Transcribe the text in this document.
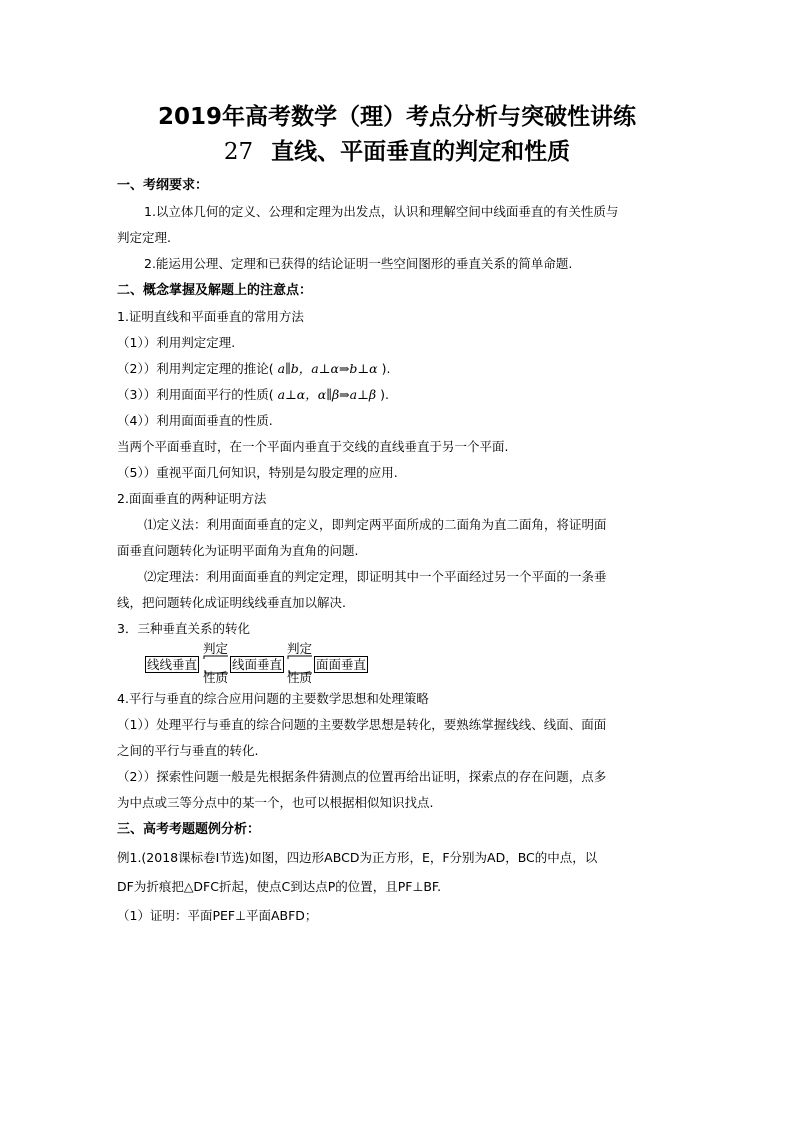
2019年高考数学（理）考点分析与突破性讲练
27 直线、平面垂直的判定和性质

一、考纲要求：

1.以立体几何的定义、公理和定理为出发点，认识和理解空间中线面垂直的有关性质与

判定定理.

2.能运用公理、定理和已获得的结论证明一些空间图形的垂直关系的简单命题.

二、概念掌握及解题上的注意点：

1.证明直线和平面垂直的常用方法

（1））利用判定定理.

（2））利用判定定理的推论( a∥b，a⊥α⇒b⊥α ).

（3））利用面面平行的性质( a⊥α，α∥β⇒a⊥β ).

（4））利用面面垂直的性质.

当两个平面垂直时，在一个平面内垂直于交线的直线垂直于另一个平面.

（5））重视平面几何知识，特别是勾股定理的应用.

2.面面垂直的两种证明方法

⑴定义法：利用面面垂直的定义，即判定两平面所成的二面角为直二面角，将证明面

面垂直问题转化为证明平面角为直角的问题.

⑵定理法：利用面面垂直的判定定理，即证明其中一个平面经过另一个平面的一条垂

线，把问题转化成证明线线垂直加以解决.

3．三种垂直关系的转化

线线垂直
判定
性质
线面垂直
判定
性质
面面垂直

4.平行与垂直的综合应用问题的主要数学思想和处理策略

（1））处理平行与垂直的综合问题的主要数学思想是转化，要熟练掌握线线、线面、面面

之间的平行与垂直的转化.

（2））探索性问题一般是先根据条件猜测点的位置再给出证明，探索点的存在问题，点多

为中点或三等分点中的某一个，也可以根据相似知识找点.

三、高考考题题例分析：

例1.(2018课标卷I节选)如图，四边形ABCD为正方形，E，F分别为AD，BC的中点，以

DF为折痕把△DFC折起，使点C到达点P的位置，且PF⊥BF.

（1）证明：平面PEF⊥平面ABFD；
